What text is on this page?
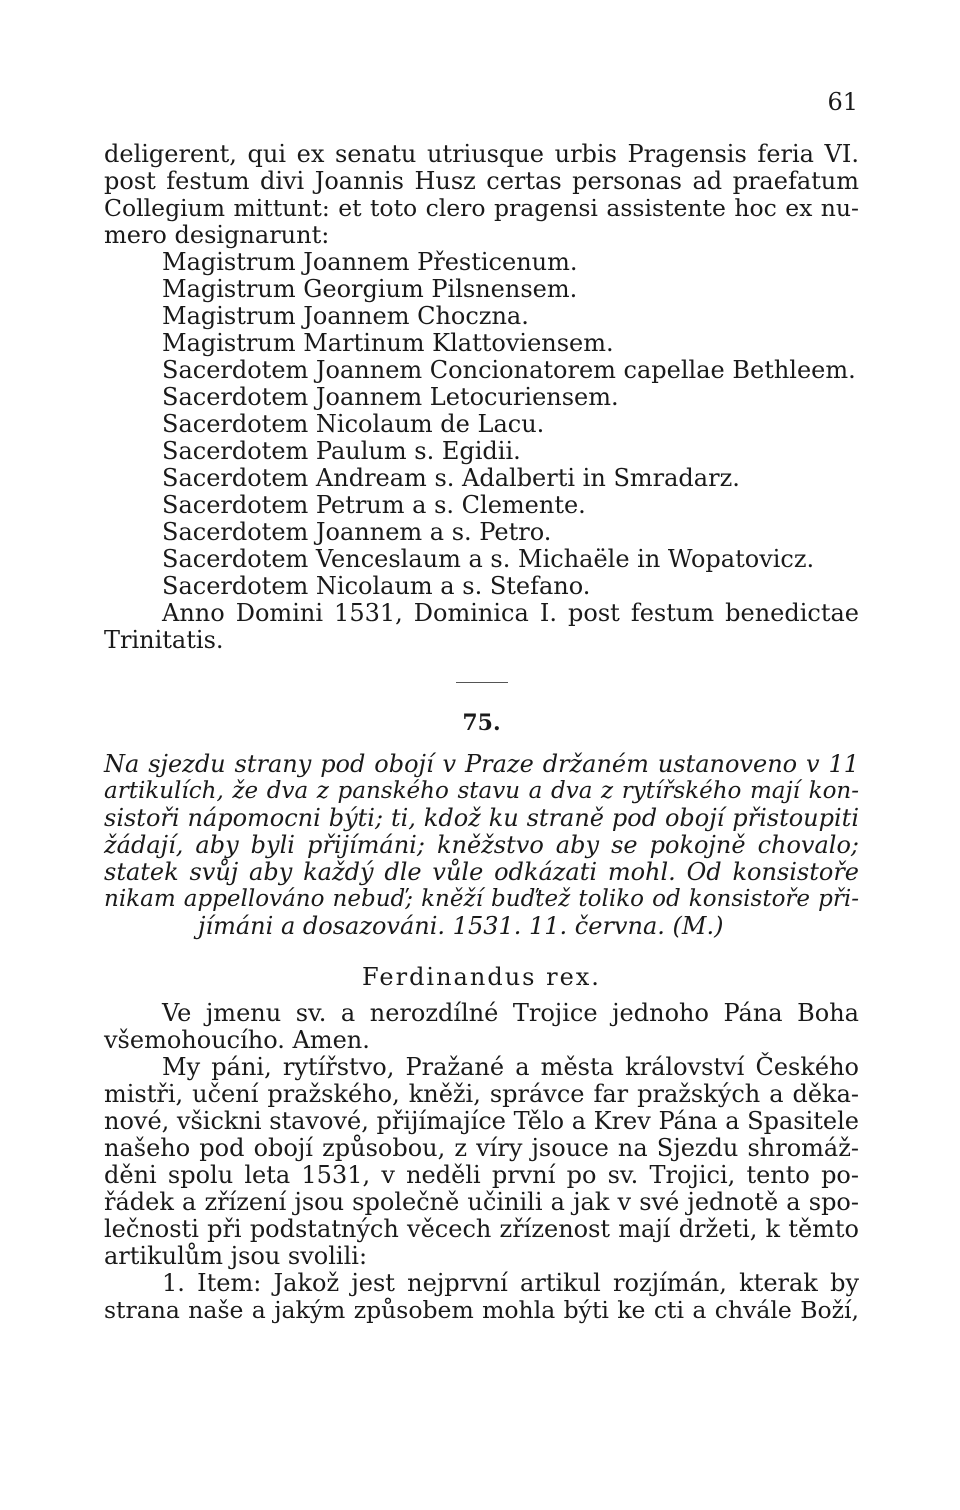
61
deligerent, qui ex senatu utriusque urbis Pragensis feria VI.
post festum divi Joannis Husz certas personas ad praefatum
Collegium mittunt: et toto clero pragensi assistente hoc ex nu-
mero designarunt:
Magistrum Joannem Přesticenum.
Magistrum Georgium Pilsnensem.
Magistrum Joannem Choczna.
Magistrum Martinum Klattoviensem.
Sacerdotem Joannem Concionatorem capellae Bethleem.
Sacerdotem Joannem Letocuriensem.
Sacerdotem Nicolaum de Lacu.
Sacerdotem Paulum s. Egidii.
Sacerdotem Andream s. Adalberti in Smradarz.
Sacerdotem Petrum a s. Clemente.
Sacerdotem Joannem a s. Petro.
Sacerdotem Venceslaum a s. Michaële in Wopatovicz.
Sacerdotem Nicolaum a s. Stefano.
Anno Domini 1531, Dominica I. post festum benedictae
Trinitatis.
75.
Na sjezdu strany pod obojí v Praze držaném ustanoveno v 11
artikulích, že dva z panského stavu a dva z rytířského mají kon-
sistoři nápomocni býti; ti, kdož ku straně pod obojí přistoupiti
žádají, aby byli přijímáni; kněžstvo aby se pokojně chovalo;
statek svůj aby každý dle vůle odkázati mohl. Od konsistoře
nikam appellováno nebuď; kněží buďtež toliko od konsistoře při-
jímáni a dosazováni. 1531. 11. června. (M.)
Ferdinandus rex.
Ve jmenu sv. a nerozdílné Trojice jednoho Pána Boha
všemohoucího. Amen.
My páni, rytířstvo, Pražané a města království Českého
mistři, učení pražského, kněži, správce far pražských a děka-
nové, všickni stavové, přijímajíce Tělo a Krev Pána a Spasitele
našeho pod obojí způsobou, z víry jsouce na Sjezdu shromáž-
děni spolu leta 1531, v neděli první po sv. Trojici, tento po-
řádek a zřízení jsou společně učinili a jak v své jednotě a spo-
lečnosti při podstatných věcech zřízenost mají držeti, k těmto
artikulům jsou svolili:
1. Item: Jakož jest nejprvní artikul rozjímán, kterak by
strana naše a jakým způsobem mohla býti ke cti a chvále Boží,
